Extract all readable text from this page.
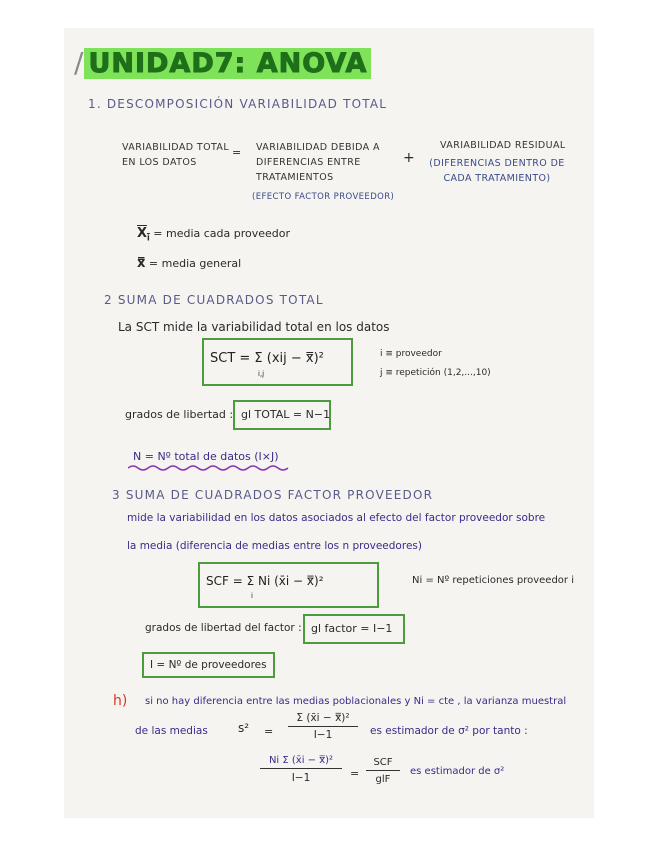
/ UNIDAD7: ANOVA
1. DESCOMPOSICIÓN VARIABILIDAD TOTAL
VARIABILIDAD TOTAL EN LOS DATOS
= VARIABILIDAD DEBIDA A DIFERENCIAS ENTRE TRATAMIENTOS
(EFECTO FACTOR PROVEEDOR)
+
VARIABILIDAD RESIDUAL
(DIFERENCIAS DENTRO DE CADA TRATAMIENTO)
$X_i$ = media cada proveedor
x̿ = media general
2 SUMA DE CUADRADOS TOTAL
La SCT mide la variabilidad total en los datos
SCT = Σ (xij − x̿)²
i,j
i ≡ proveedor
j ≡ repetición (1,2,...,10)
grados de libertad : gl TOTAL = N−1
N = Nº total de datos (I×J)
3 SUMA DE CUADRADOS FACTOR PROVEEDOR
mide la variabilidad en los datos asociados al efecto del factor proveedor sobre
la media (diferencia de medias entre los n proveedores)
SCF = Σ Ni (x̄i − x̿)²
i
Ni = Nº repeticiones proveedor i
grados de libertad del factor : gl factor = I−1
I = Nº de proveedores
h) si no hay diferencia entre las medias poblacionales y Ni = cte , la varianza muestral
de las medias	$s^2 = \frac{\text{Σ (x̄i − x̿)²}}{I-1}$ es estimador de σ² por tanto :
$\frac{\text{Ni Σ (x̄i − x̿)²}}{I-1}$ =
SCF
glF
es estimador de σ²
